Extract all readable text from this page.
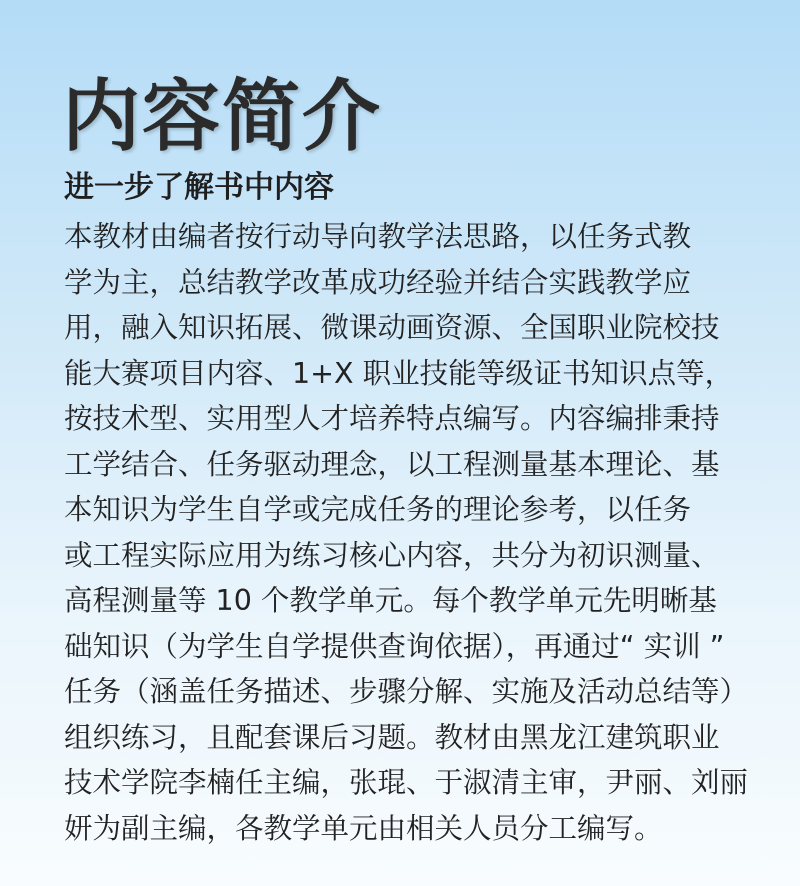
内容简介
进一步了解书中内容
本教材由编者按行动导向教学法思路，以任务式教
学为主，总结教学改革成功经验并结合实践教学应
用，融入知识拓展、微课动画资源、全国职业院校技
能大赛项目内容、1+X 职业技能等级证书知识点等，
按技术型、实用型人才培养特点编写。内容编排秉持
工学结合、任务驱动理念，以工程测量基本理论、基
本知识为学生自学或完成任务的理论参考，以任务
或工程实际应用为练习核心内容，共分为初识测量、
高程测量等 10 个教学单元。每个教学单元先明晰基
础知识（为学生自学提供查询依据），再通过“ 实训 ”
任务（涵盖任务描述、步骤分解、实施及活动总结等）
组织练习，且配套课后习题。教材由黑龙江建筑职业
技术学院李楠任主编，张琨、于淑清主审，尹丽、刘丽
妍为副主编，各教学单元由相关人员分工编写。
